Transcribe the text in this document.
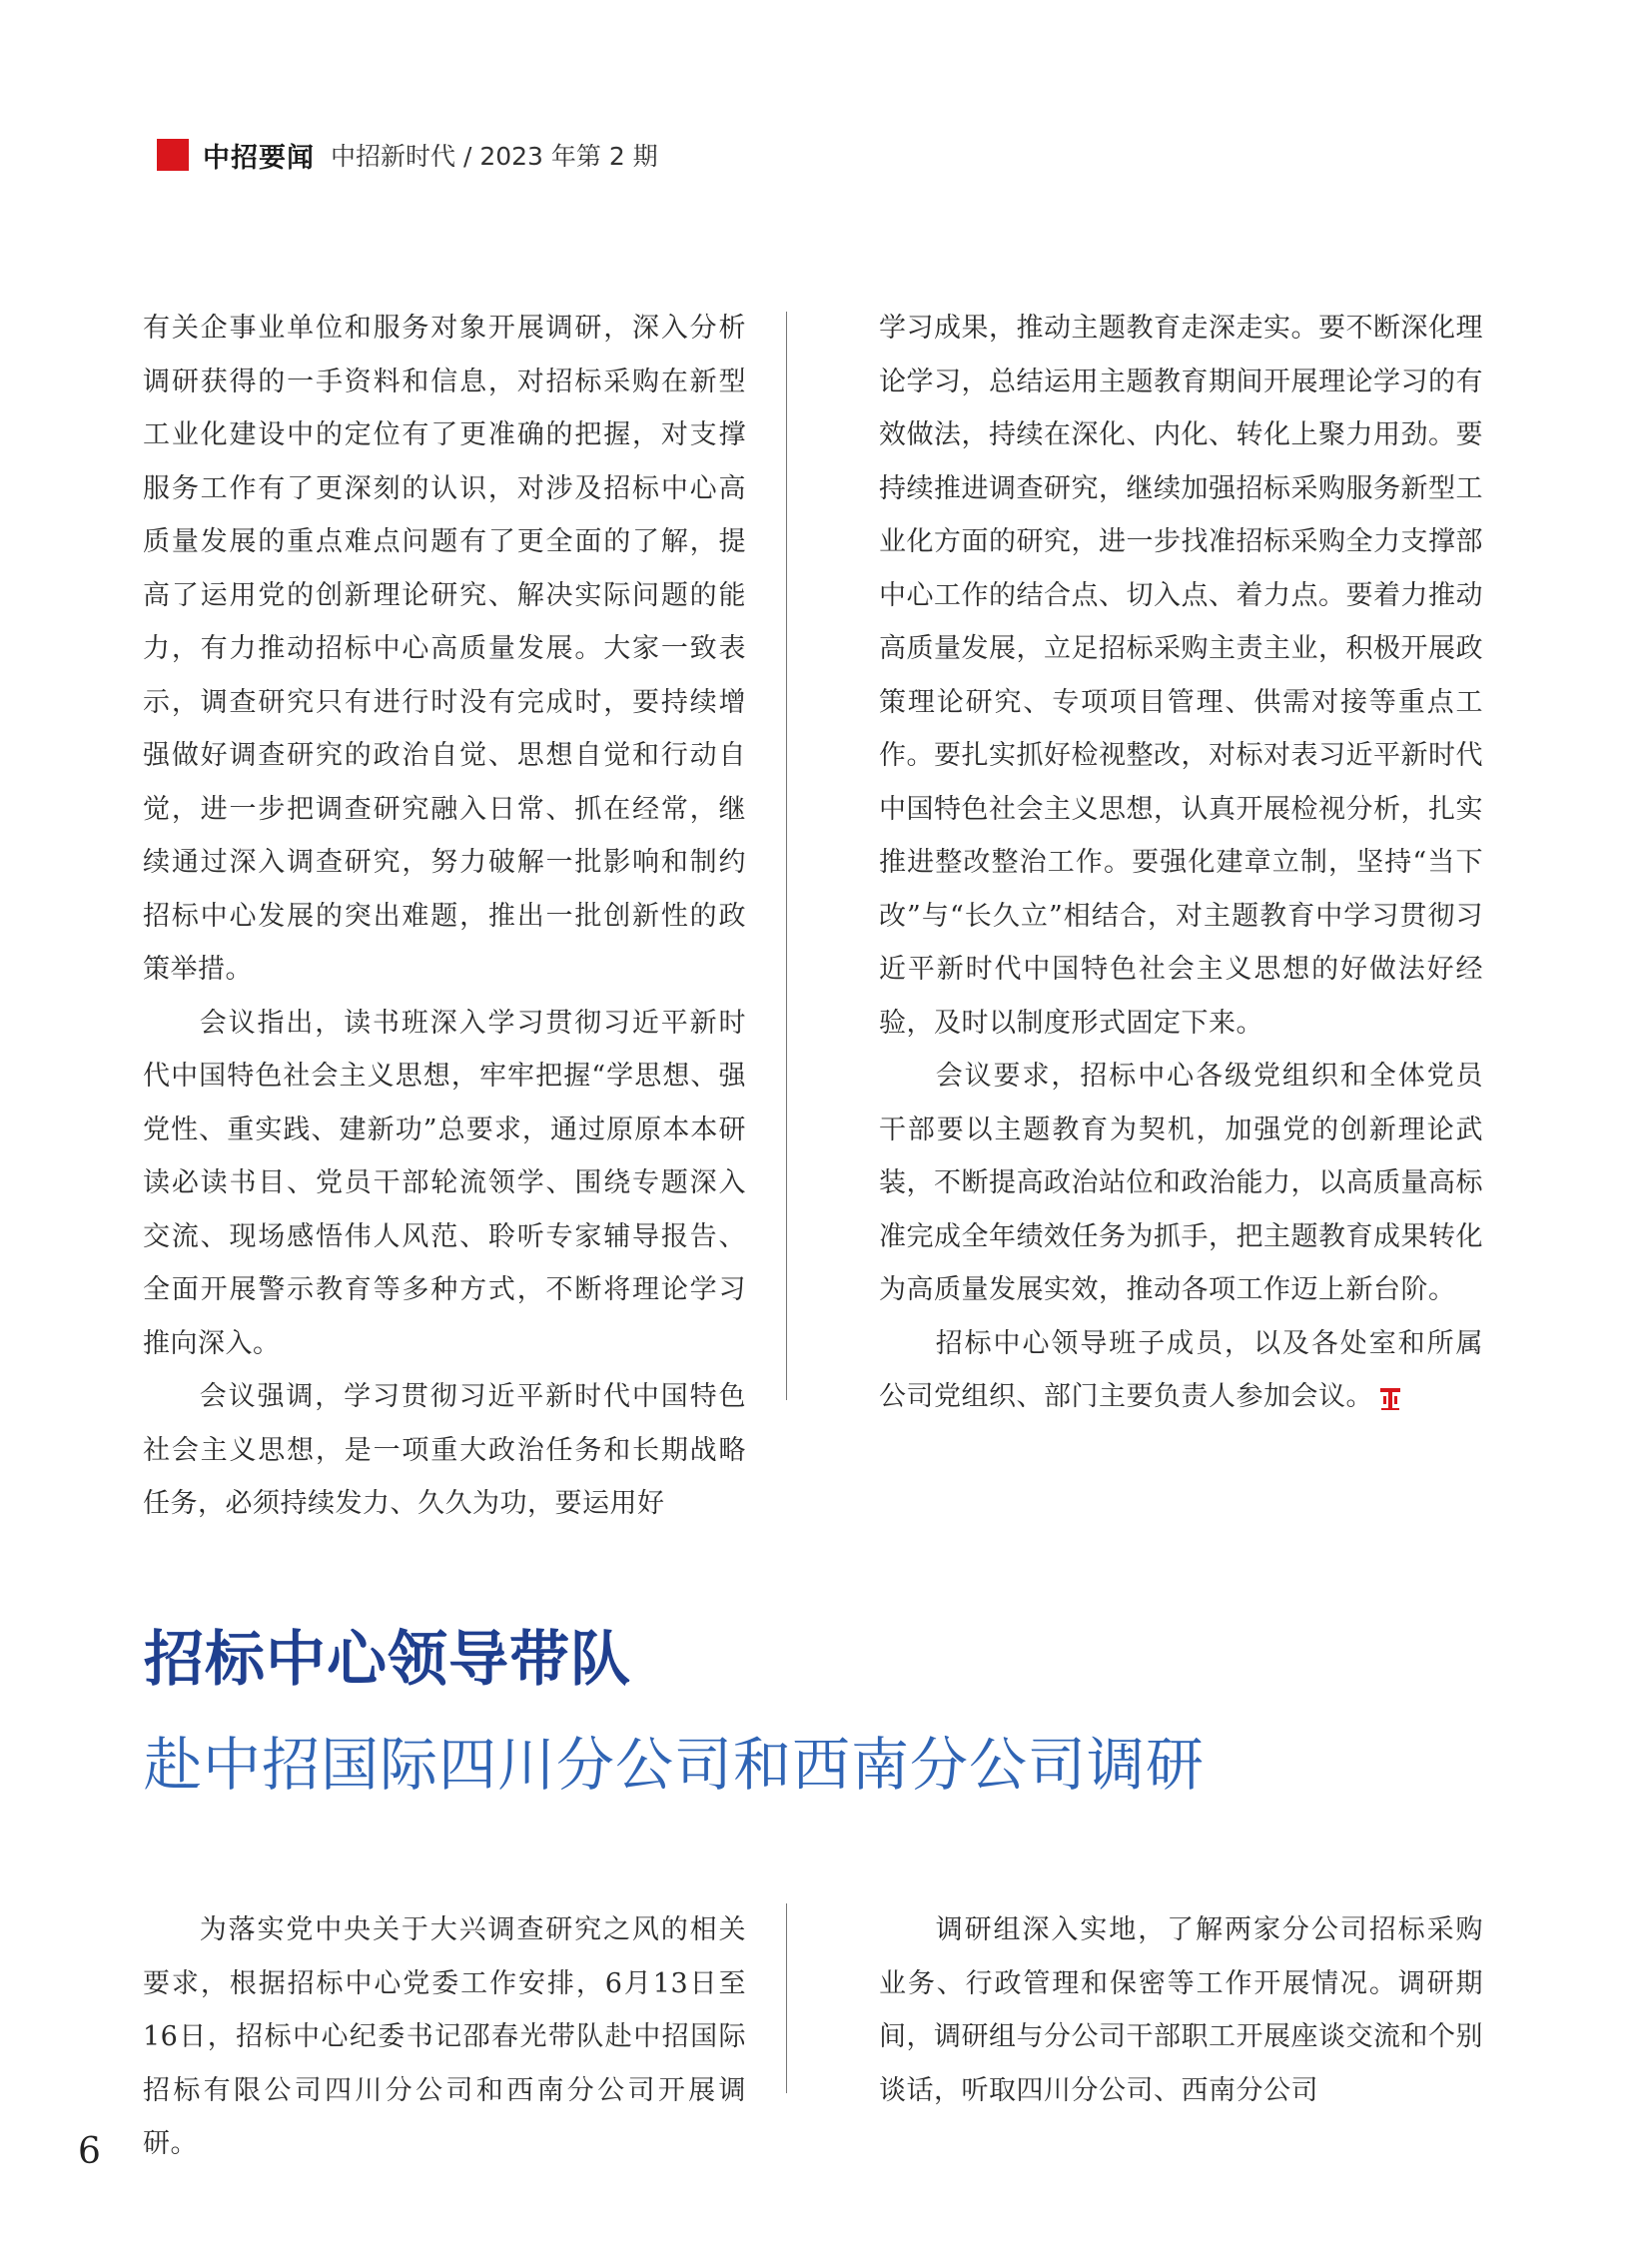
中招要闻 中招新时代 / 2023 年第 2 期

有关企事业单位和服务对象开展调研，深入分析调研获得的一手资料和信息，对招标采购在新型工业化建设中的定位有了更准确的把握，对支撑服务工作有了更深刻的认识，对涉及招标中心高质量发展的重点难点问题有了更全面的了解，提高了运用党的创新理论研究、解决实际问题的能力，有力推动招标中心高质量发展。大家一致表示，调查研究只有进行时没有完成时，要持续增强做好调查研究的政治自觉、思想自觉和行动自觉，进一步把调查研究融入日常、抓在经常，继续通过深入调查研究，努力破解一批影响和制约招标中心发展的突出难题，推出一批创新性的政策举措。

会议指出，读书班深入学习贯彻习近平新时代中国特色社会主义思想，牢牢把握“学思想、强党性、重实践、建新功”总要求，通过原原本本研读必读书目、党员干部轮流领学、围绕专题深入交流、现场感悟伟人风范、聆听专家辅导报告、全面开展警示教育等多种方式，不断将理论学习推向深入。

会议强调，学习贯彻习近平新时代中国特色社会主义思想，是一项重大政治任务和长期战略任务，必须持续发力、久久为功，要运用好

学习成果，推动主题教育走深走实。要不断深化理论学习，总结运用主题教育期间开展理论学习的有效做法，持续在深化、内化、转化上聚力用劲。要持续推进调查研究，继续加强招标采购服务新型工业化方面的研究，进一步找准招标采购全力支撑部中心工作的结合点、切入点、着力点。要着力推动高质量发展，立足招标采购主责主业，积极开展政策理论研究、专项项目管理、供需对接等重点工作。要扎实抓好检视整改，对标对表习近平新时代中国特色社会主义思想，认真开展检视分析，扎实推进整改整治工作。要强化建章立制，坚持“当下改”与“长久立”相结合，对主题教育中学习贯彻习近平新时代中国特色社会主义思想的好做法好经验，及时以制度形式固定下来。

会议要求，招标中心各级党组织和全体党员干部要以主题教育为契机，加强党的创新理论武装，不断提高政治站位和政治能力，以高质量高标准完成全年绩效任务为抓手，把主题教育成果转化为高质量发展实效，推动各项工作迈上新台阶。

招标中心领导班子成员，以及各处室和所属公司党组织、部门主要负责人参加会议。

招标中心领导带队
赴中招国际四川分公司和西南分公司调研

为落实党中央关于大兴调查研究之风的相关要求，根据招标中心党委工作安排，6月13日至16日，招标中心纪委书记邵春光带队赴中招国际招标有限公司四川分公司和西南分公司开展调研。

调研组深入实地，了解两家分公司招标采购业务、行政管理和保密等工作开展情况。调研期间，调研组与分公司干部职工开展座谈交流和个别谈话，听取四川分公司、西南分公司

6
